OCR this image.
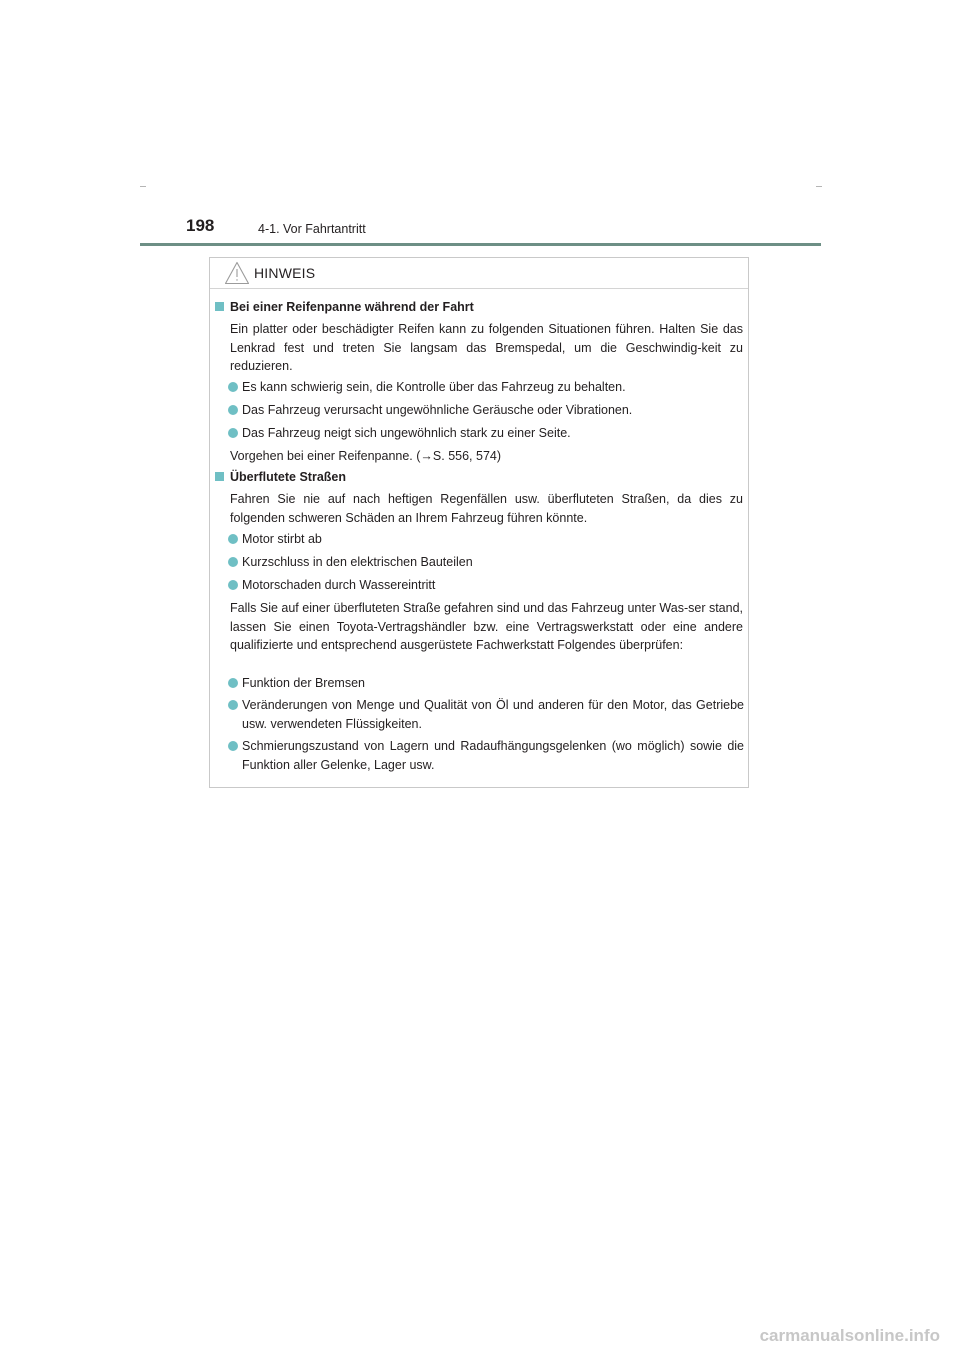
198	4-1. Vor Fahrtantritt
HINWEIS
Bei einer Reifenpanne während der Fahrt
Ein platter oder beschädigter Reifen kann zu folgenden Situationen führen. Halten Sie das Lenkrad fest und treten Sie langsam das Bremspedal, um die Geschwindig-keit zu reduzieren.
Es kann schwierig sein, die Kontrolle über das Fahrzeug zu behalten.
Das Fahrzeug verursacht ungewöhnliche Geräusche oder Vibrationen.
Das Fahrzeug neigt sich ungewöhnlich stark zu einer Seite.
Vorgehen bei einer Reifenpanne. (→S. 556, 574)
Überflutete Straßen
Fahren Sie nie auf nach heftigen Regenfällen usw. überfluteten Straßen, da dies zu folgenden schweren Schäden an Ihrem Fahrzeug führen könnte.
Motor stirbt ab
Kurzschluss in den elektrischen Bauteilen
Motorschaden durch Wassereintritt
Falls Sie auf einer überfluteten Straße gefahren sind und das Fahrzeug unter Was-ser stand, lassen Sie einen Toyota-Vertragshändler bzw. eine Vertragswerkstatt oder eine andere qualifizierte und entsprechend ausgerüstete Fachwerkstatt Folgendes überprüfen:
Funktion der Bremsen
Veränderungen von Menge und Qualität von Öl und anderen für den Motor, das Getriebe usw. verwendeten Flüssigkeiten.
Schmierungszustand von Lagern und Radaufhängungsgelenken (wo möglich) sowie die Funktion aller Gelenke, Lager usw.
carmanualsonline.info
